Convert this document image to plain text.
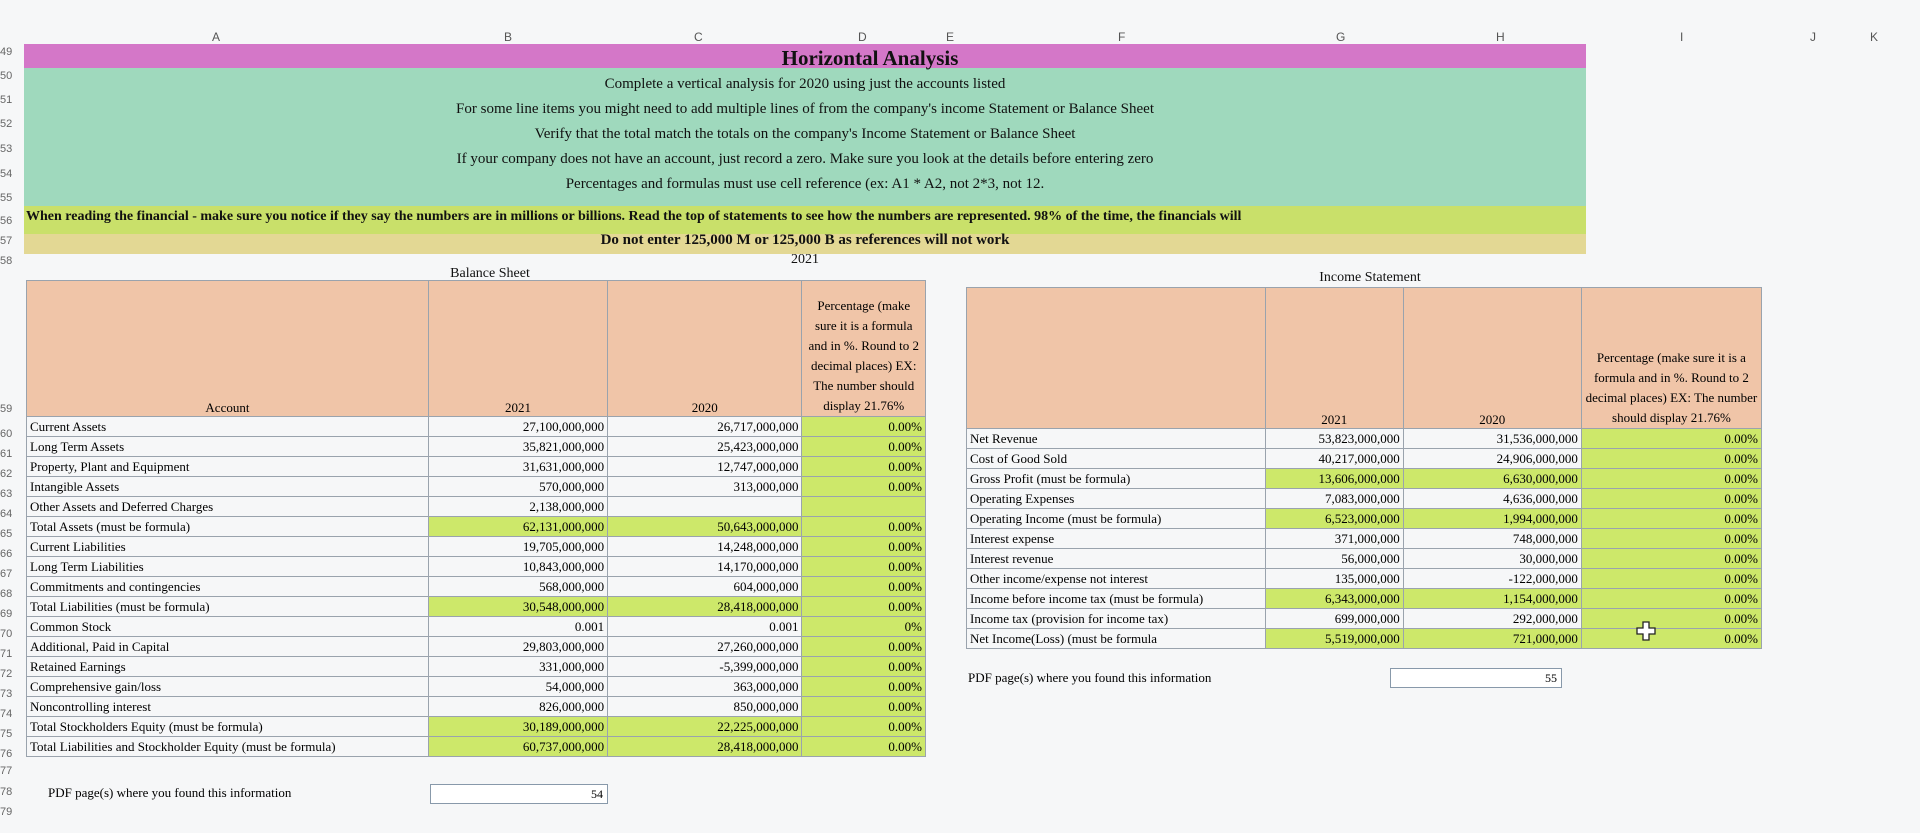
A	B	C	D	E	F	G	H	I	J	K
49
50
51
52
53
54
55
56
57
58
Horizontal Analysis
Complete a vertical analysis for 2020 using just the accounts listed
For some line items you might need to add multiple lines of from the company's income Statement or Balance Sheet
Verify that the total match the totals on the company's Income Statement or Balance Sheet
If your company does not have an account, just record a zero. Make sure you look at the details before entering zero
Percentages and formulas must use cell reference (ex: A1 * A2, not 2*3, not 12.
When reading the financial - make sure you notice if they say the numbers are in millions or billions. Read the top of statements to see how the numbers are represented. 98% of the time, the financials will
Do not enter 125,000 M or 125,000 B as references will not work
2021
Balance Sheet	Income Statement
59	Account	2021	2020	Percentage (make sure it is a formula and in %. Round to 2 decimal places) EX: The number should display 21.76%
Current Assets	27,100,000,000	26,717,000,000	0.00%
Long Term Assets	35,821,000,000	25,423,000,000	0.00%
Property, Plant and Equipment	31,631,000,000	12,747,000,000	0.00%
Intangible Assets	570,000,000	313,000,000	0.00%
Other Assets and Deferred Charges	2,138,000,000		
Total Assets (must be formula)	62,131,000,000	50,643,000,000	0.00%
Current Liabilities	19,705,000,000	14,248,000,000	0.00%
Long Term Liabilities	10,843,000,000	14,170,000,000	0.00%
Commitments and contingencies	568,000,000	604,000,000	0.00%
Total Liabilities (must be formula)	30,548,000,000	28,418,000,000	0.00%
Common Stock	0.001	0.001	0%
Additional, Paid in Capital	29,803,000,000	27,260,000,000	0.00%
Retained Earnings	331,000,000	-5,399,000,000	0.00%
Comprehensive gain/loss	54,000,000	363,000,000	0.00%
Noncontrolling interest	826,000,000	850,000,000	0.00%
Total Stockholders Equity (must be formula)	30,189,000,000	22,225,000,000	0.00%
Total Liabilities and Stockholder Equity (must be formula)	60,737,000,000	28,418,000,000	0.00%
60
61
62
63
64
65
66
67
68
69
70
71
72
73
74
75
76
77
78
79
PDF page(s) where you found this information	54
	2021	2020	Percentage (make sure it is a formula and in %. Round to 2 decimal places) EX: The number should display 21.76%
Net Revenue	53,823,000,000	31,536,000,000	0.00%
Cost of Good Sold	40,217,000,000	24,906,000,000	0.00%
Gross Profit (must be formula)	13,606,000,000	6,630,000,000	0.00%
Operating Expenses	7,083,000,000	4,636,000,000	0.00%
Operating Income (must be formula)	6,523,000,000	1,994,000,000	0.00%
Interest expense	371,000,000	748,000,000	0.00%
Interest revenue	56,000,000	30,000,000	0.00%
Other income/expense not interest	135,000,000	-122,000,000	0.00%
Income before income tax (must be formula)	6,343,000,000	1,154,000,000	0.00%
Income tax (provision for income tax)	699,000,000	292,000,000	0.00%
Net Income(Loss) (must be formula	5,519,000,000	721,000,000	0.00%
PDF page(s) where you found this information	55
